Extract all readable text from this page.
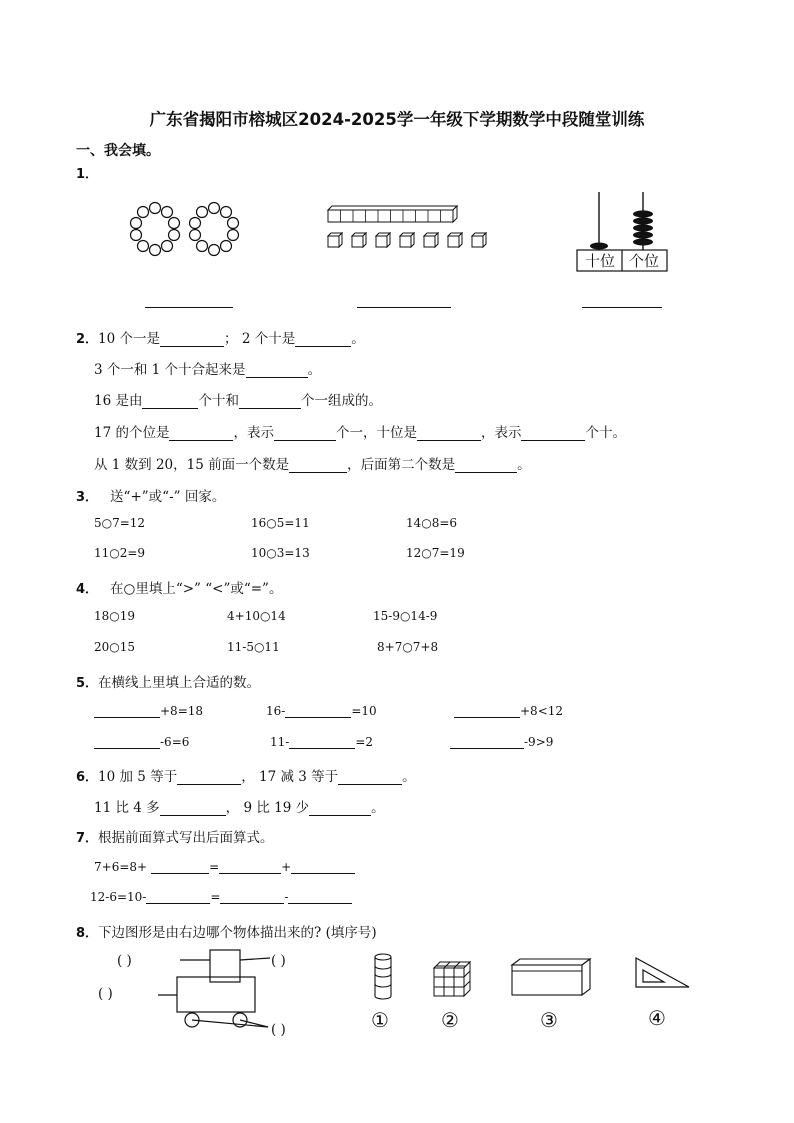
广东省揭阳市榕城区2024-2025学一年级下学期数学中段随堂训练
一、我会填。
1．
十位 个位
2．10 个一是	； 2 个十是	。
3 个一和 1 个十合起来是	。
16 是由	个十和	个一组成的。
17 的个位是	，表示	个一，十位是	，表示	个十。
从 1 数到 20，15 前面一个数是	，后面第二个数是	。
3． 送“+”或“-” 回家。
5○7=12	16○5=11	14○8=6
11○2=9	10○3=13	12○7=19
4． 在○里填上“>” “<”或“=”。
18○19	4+10○14	15-9○14-9
20○15	11-5○11	8+7○7+8
5．在横线上里填上合适的数。
+8=18	16-	=10	+8<12
-6=6	11-	=2	-9>9
6．10 加 5 等于	， 17 减 3 等于	。
11 比 4 多	， 9 比 19 少	。
7．根据前面算式写出后面算式。
7+6=8+	=	+
12-6=10-	=	-
8．下边图形是由右边哪个物体描出来的? (填序号)
( )
( )
( )
( )	①	②	③	④
